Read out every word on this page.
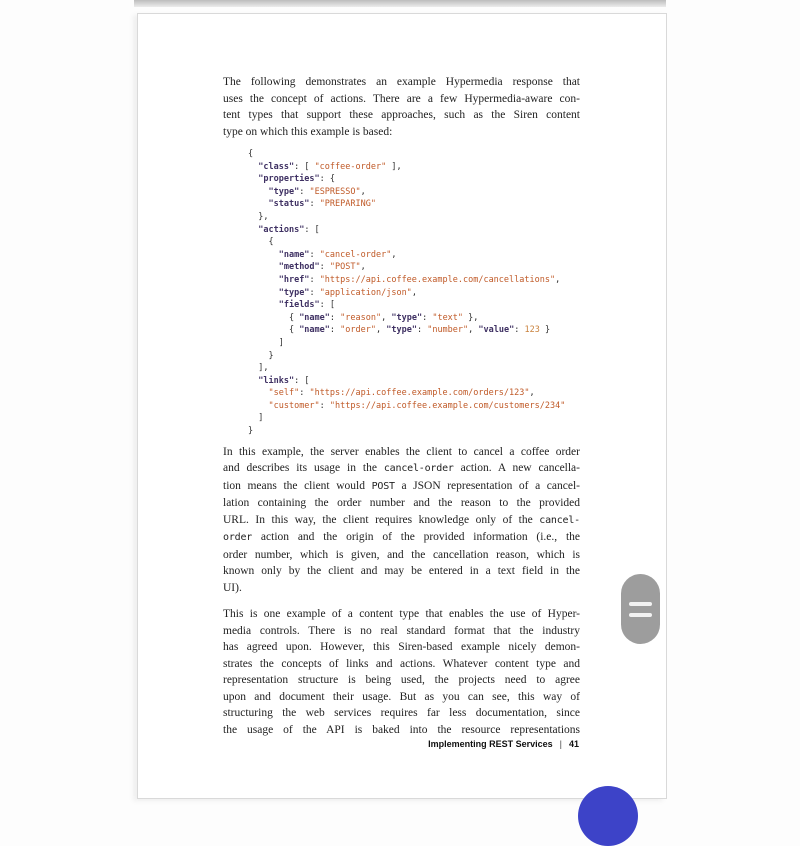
The following demonstrates an example Hypermedia response that
uses the concept of actions. There are a few Hypermedia-aware con-
tent types that support these approaches, such as the Siren content
type on which this example is based:
{
"class": [ "coffee-order" ],
"properties": {
"type": "ESPRESSO",
"status": "PREPARING"
},
"actions": [
{
"name": "cancel-order",
"method": "POST",
"href": "https://api.coffee.example.com/cancellations",
"type": "application/json",
"fields": [
{ "name": "reason", "type": "text" },
{ "name": "order", "type": "number", "value": 123 }
]
}
],
"links": [
"self": "https://api.coffee.example.com/orders/123",
"customer": "https://api.coffee.example.com/customers/234"
]
}
In this example, the server enables the client to cancel a coffee order
and describes its usage in the cancel-order action. A new cancella-
tion means the client would POST a JSON representation of a cancel-
lation containing the order number and the reason to the provided
URL. In this way, the client requires knowledge only of the cancel-
order action and the origin of the provided information (i.e., the
order number, which is given, and the cancellation reason, which is
known only by the client and may be entered in a text field in the
UI).
This is one example of a content type that enables the use of Hyper-
media controls. There is no real standard format that the industry
has agreed upon. However, this Siren-based example nicely demon-
strates the concepts of links and actions. Whatever content type and
representation structure is being used, the projects need to agree
upon and document their usage. But as you can see, this way of
structuring the web services requires far less documentation, since
the usage of the API is baked into the resource representations
Implementing REST Services | 41
